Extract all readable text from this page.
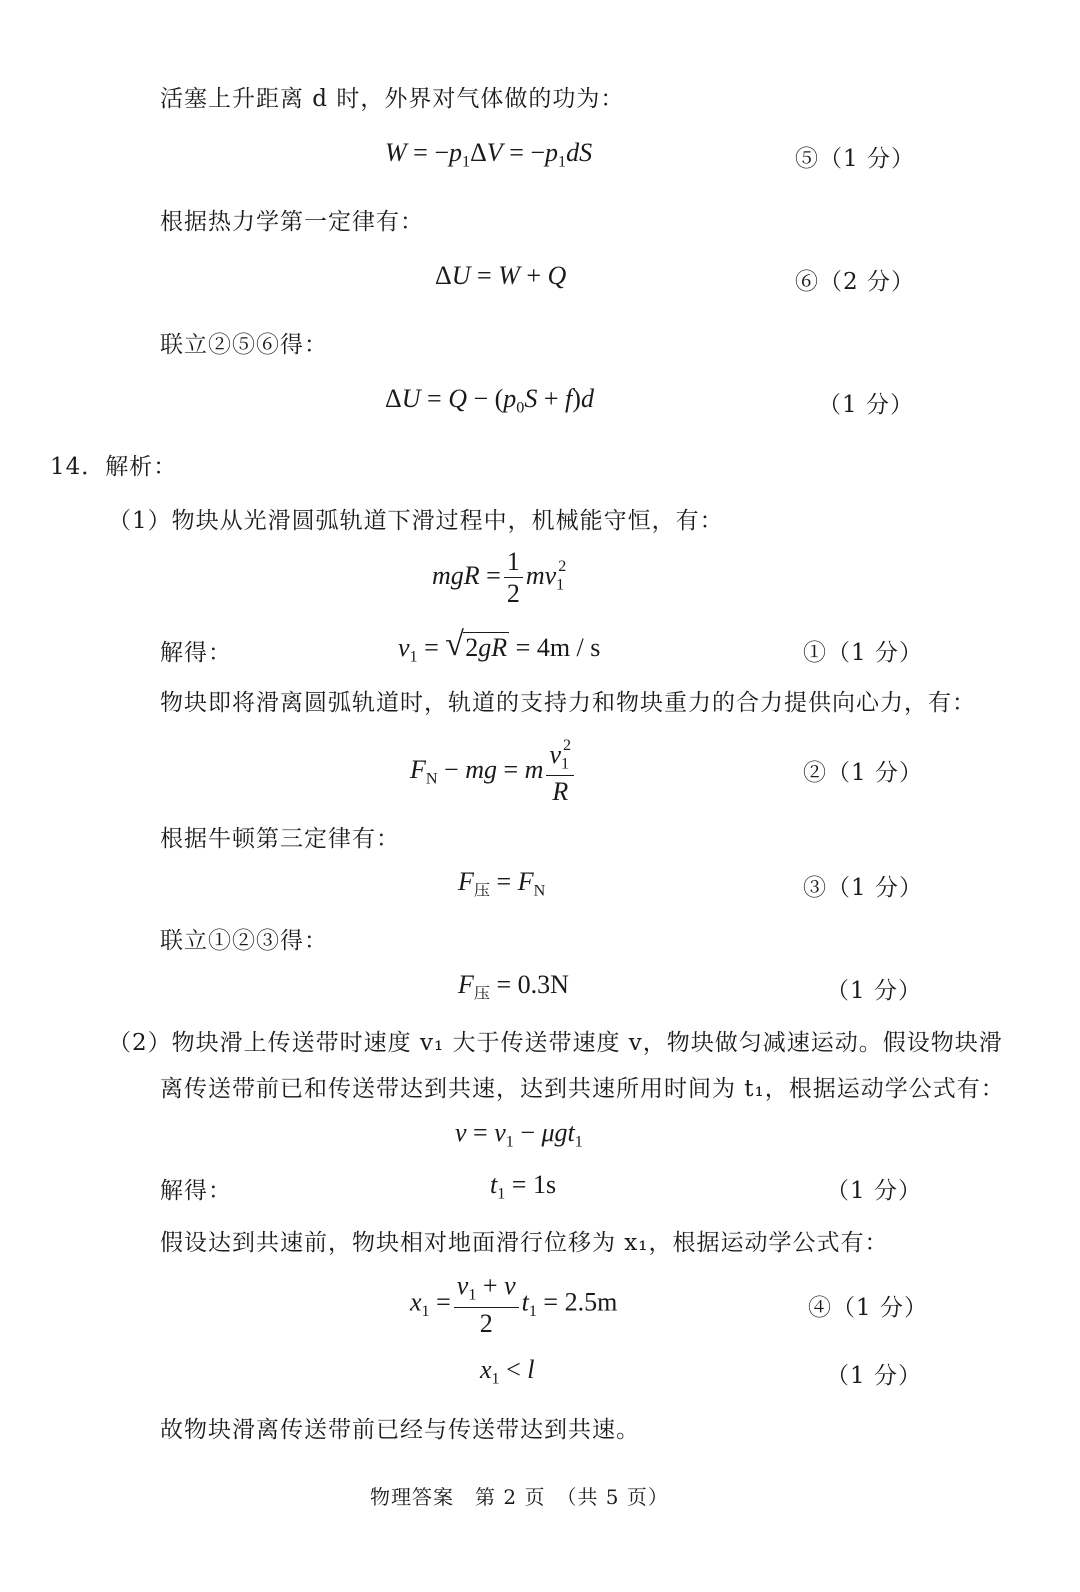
活塞上升距离 d 时，外界对气体做的功为：
$W = -p_1\Delta V = -p_1dS$	⑤（1 分）
根据热力学第一定律有：
ΔU = W + Q	⑥（2 分）
联立②⑤⑥得：
$\Delta U = Q - (p_0S + f)d$	（1 分）
14．解析：
（1）物块从光滑圆弧轨道下滑过程中，机械能守恒，有：
mgR = $\frac{1}{2} mv_1^2$
解得：	$v_1$ = √ 2gR = 4m / s	①（1 分）
物块即将滑离圆弧轨道时，轨道的支持力和物块重力的合力提供向心力，有：
$F_N$ − mg = m $\frac{v_1^2}{R}$	②（1 分）
根据牛顿第三定律有：
$F_压 = F_N$	③（1 分）
联立①②③得：
$F_压 = 0.3N$	（1 分）
（2）物块滑上传送带时速度 v₁ 大于传送带速度 v，物块做匀减速运动。假设物块滑
离传送带前已和传送带达到共速，达到共速所用时间为 t₁，根据运动学公式有：
$v = v_1 - \mu gt_1$
解得：	$t_1 = 1s$	（1 分）
假设达到共速前，物块相对地面滑行位移为 x₁，根据运动学公式有：
$x_1 = \frac{v_1 + v}{2} t_1 = 2.5m$	④（1 分）
$x_1 < l$	（1 分）
故物块滑离传送带前已经与传送带达到共速。
物理答案　第 2 页　（共 5 页）
